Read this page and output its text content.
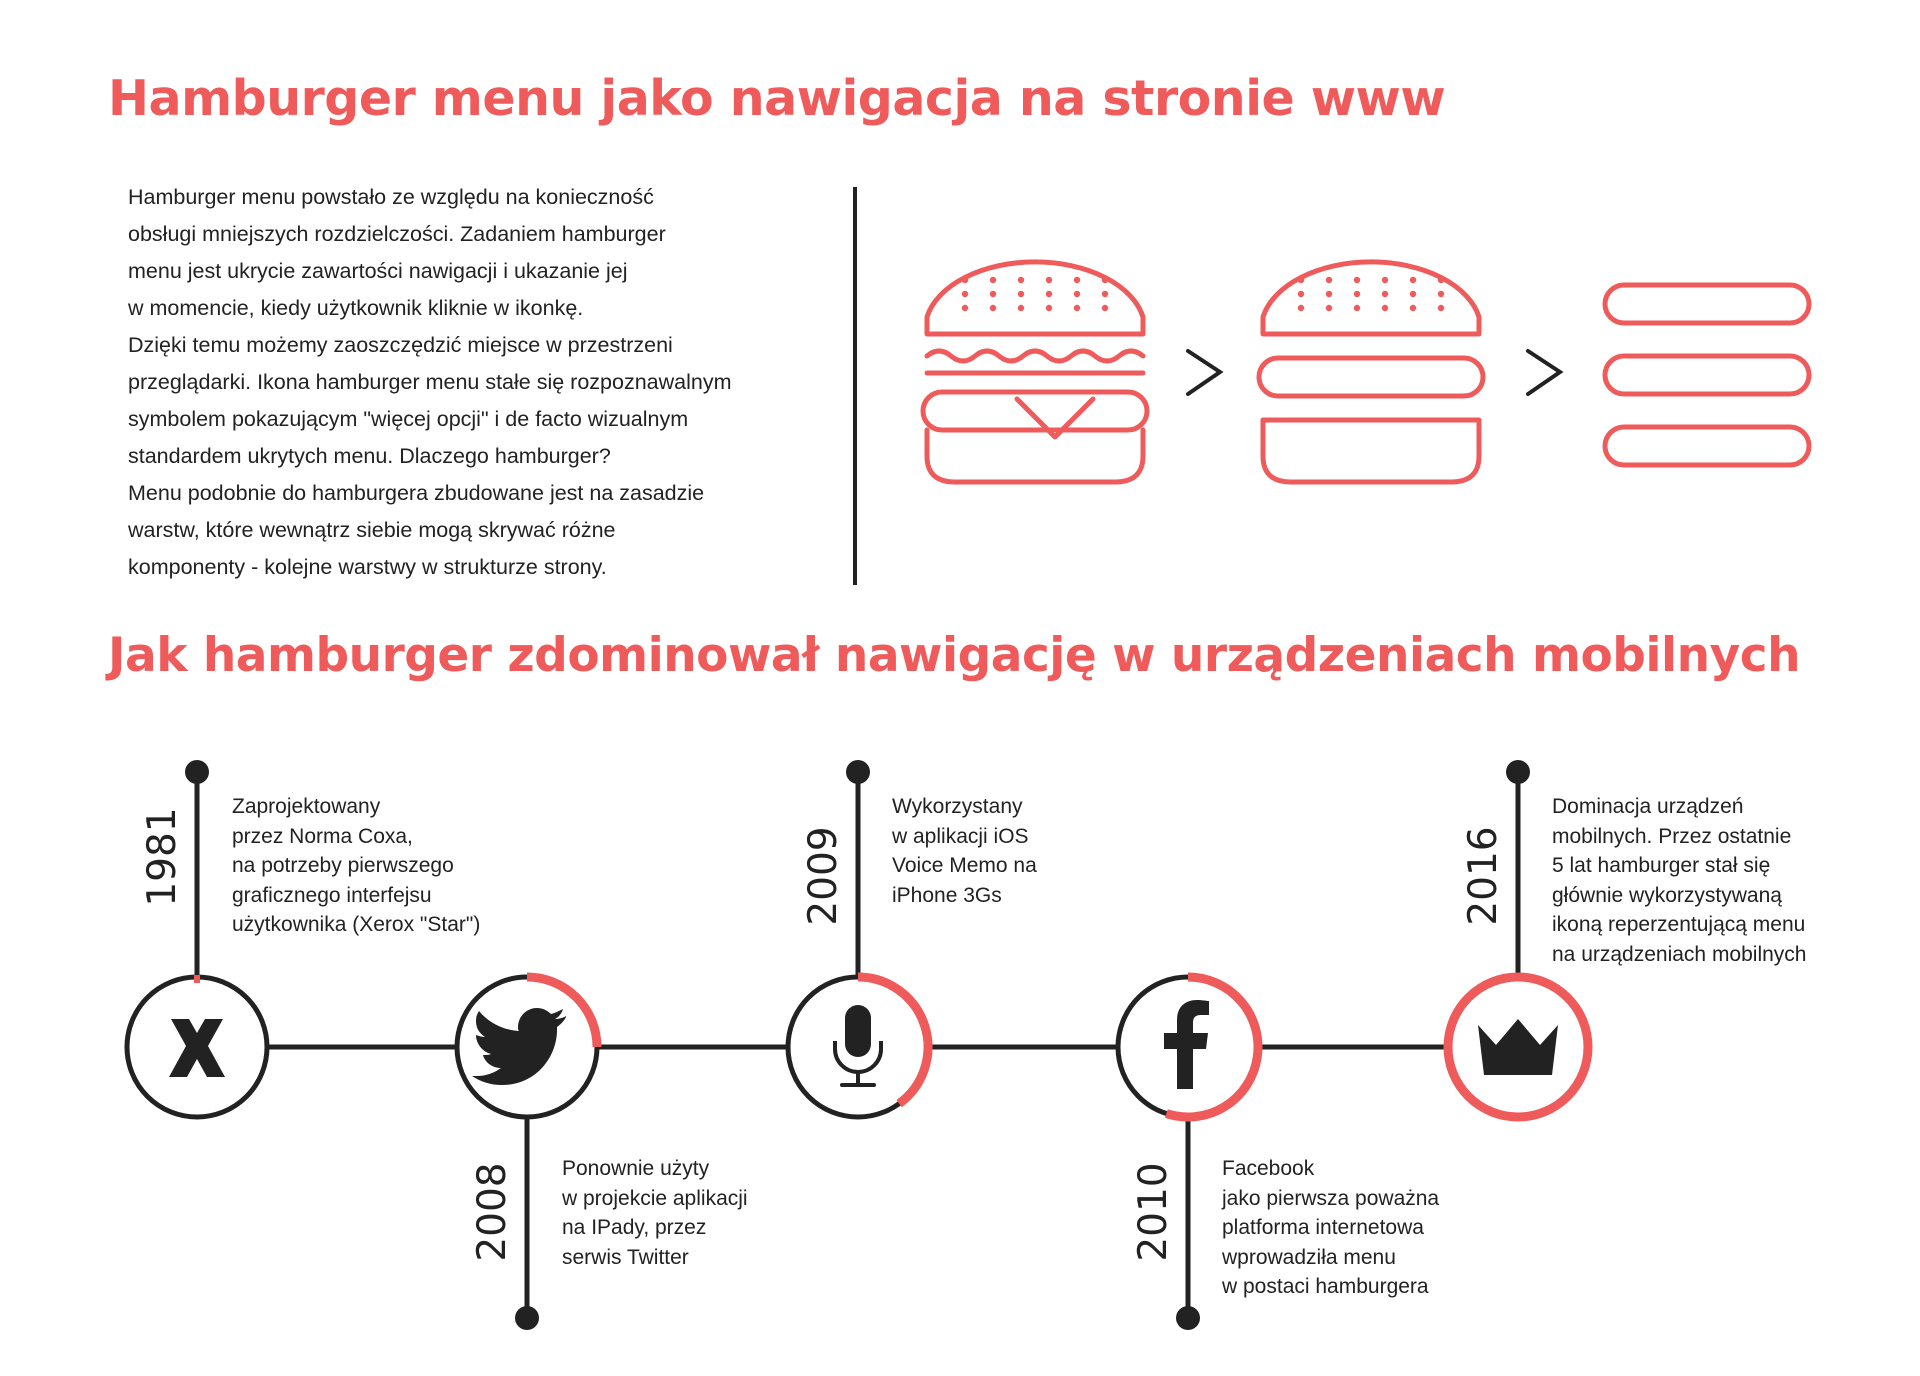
Hamburger menu jako nawigacja na stronie www
Hamburger menu powstało ze względu na konieczność
obsługi mniejszych rozdzielczości. Zadaniem hamburger
menu jest ukrycie zawartości nawigacji i ukazanie jej
w momencie, kiedy użytkownik kliknie w ikonkę.
Dzięki temu możemy zaoszczędzić miejsce w przestrzeni
przeglądarki. Ikona hamburger menu stałe się rozpoznawalnym
symbolem pokazującym "więcej opcji" i de facto wizualnym
standardem ukrytych menu. Dlaczego hamburger?
Menu podobnie do hamburgera zbudowane jest na zasadzie
warstw, które wewnątrz siebie mogą skrywać różne
komponenty - kolejne warstwy w strukturze strony.
Jak hamburger zdominował nawigację w urządzeniach mobilnych
1981
2008
2009
2010
2016
Zaprojektowany
przez Norma Coxa,
na potrzeby pierwszego
graficznego interfejsu
użytkownika (Xerox "Star")
Ponownie użyty
w projekcie aplikacji
na IPady, przez
serwis Twitter
Wykorzystany
w aplikacji iOS
Voice Memo na
iPhone 3Gs
Facebook
jako pierwsza poważna
platforma internetowa
wprowadziła menu
w postaci hamburgera
Dominacja urządzeń
mobilnych. Przez ostatnie
5 lat hamburger stał się
głównie wykorzystywaną
ikoną reperzentującą menu
na urządzeniach mobilnych
